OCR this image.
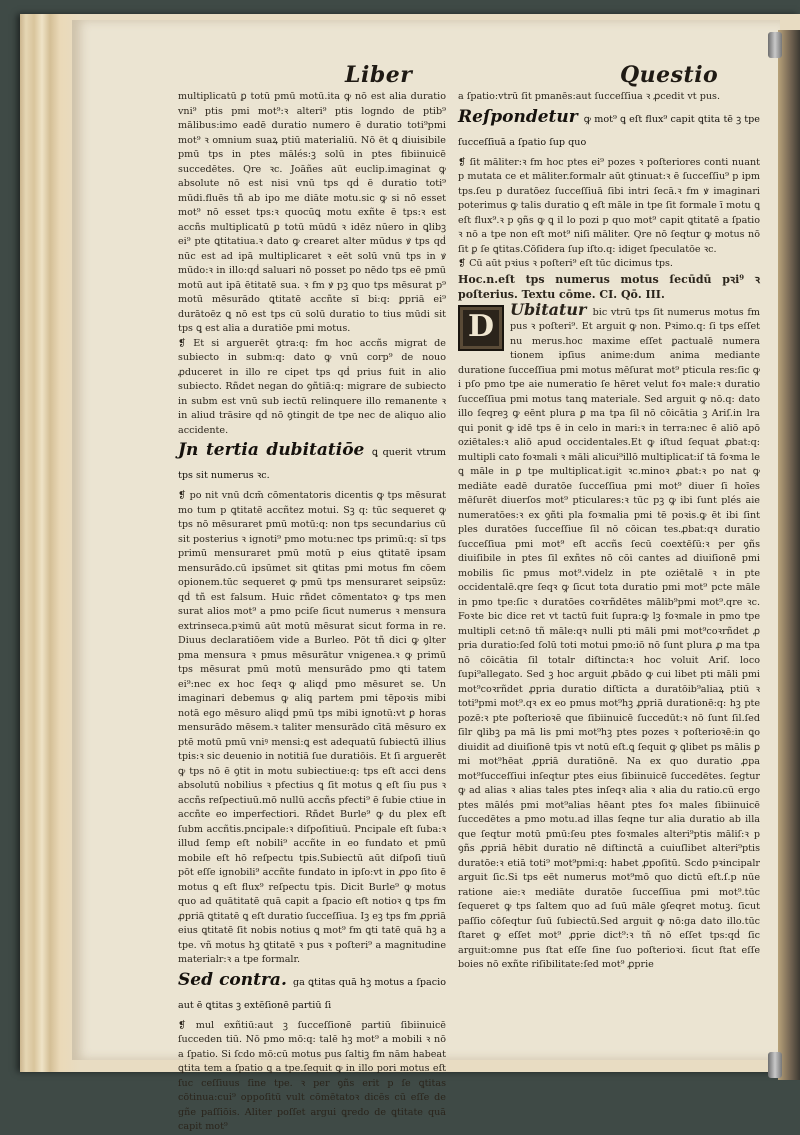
Liber	Questio

multiplicatū ꝑ totū pmū motū.ita ꝙ nō est alia duratio vni⁹ ptis pmi mot⁹:ꝛ alteri⁹ ptis logndo de ptib⁹ mālibus:imo eadē duratio numero ē duratio toti⁹pmi mot⁹ ꝛ omnium suaꝝ ptiū materialiū. Nō ēt ꝗ diuisibile pmū tps in ptes mālés:ꝫ solū in ptes fibiinuicē succedētes. Qre ꝛc. Joāñes aūt euclip.imaginat ꝙ absolute nō est nisi vnū tps qḋ ē duratio toti⁹ mūdi.fluēs tñ ab ipo me diāte motu.sic ꝙ si nō esset mot⁹ nō esset tps:ꝛ quocūꝗ motu exñte ē tps:ꝛ est accñs multiplicatū ꝑ totū mūdū ꝛ idēz nūero in ꝗlibꝫ ei⁹ pte ꝗtitatiua.ꝛ dato ꝙ crearet alter mūdus ꝟ tps qḋ nūc est ad ipā multiplicaret ꝛ eēt solū vnū tps in ꝟ mūdo:ꝛ in illo:qḋ saluari nō posset po nēdo tps eē pmū motū aut ipā ētitatē sua. ꝛ fm ꝟ pꝫ quo tps mēsurat p⁹ motū mēsurādo ꝗtitatē accñte sī bi:q: ꝑpriā ei⁹ durātoēz ꝗ nō est tps cū solū duratio to tius mūdi sit tps ꝗ est alia a duratiōe pmi motus.

❡ Et si arguerēt ꝯtra:q: fm hoc accñs migrat de subiecto in subm:q: dato ꝙ vnū corp⁹ de nouo ꝓduceret in illo re cipet tps qḋ prius fuit in alio subiecto. Rñdet negan do ꝯñtiā:q: migrare de subiecto in subm est vnū sub iectū relinquere illo remanente ꝛ in aliud trāsire qḋ nō ꝯtingit de tpe nec de aliquo alio accidente.

Jn tertia dubitatiōe ꝗ querit vtrum tps sit numerus ꝛc.

❡ po nit vnū dcm̄ cōmentatoris dicentis ꝙ tps mēsurat mo tum p ꝗtitatē accñtez motui. Sꝫ q: tūc sequeret ꝙ tps nō mēsuraret pmū motū:q: non tps secundarius cū sit posterius ꝛ ignoti⁹ pmo motu:nec tps primū:q: sī tps primū mensuraret pmū motū p eius ꝗtitatē ipsam mensurādo.cū ipsūmet sit ꝗtitas pmi motus fm cōem opionem.tūc sequeret ꝙ pmū tps mensuraret seipsūz: qḋ tñ est falsum. Huic rñdet cōmentatoꝛ ꝙ tps men surat alios mot⁹ a pmo pciſe ſicut numerus ꝛ mensura extrinseca.pꝛimū aūt motū mēsurat sicut forma in re. Diuus declaratiōem vide a Burleo. Pōt tñ dici ꝙ ꝯlter pma mensura ꝛ pmus mēsurātur vnigenea.ꝛ ꝙ primū tps mēsurat pmū motū mensurādo pmo ꝗti tatem ei⁹:nec ex hoc ſeqꝛ ꝙ aliqḋ pmo mēsuret se. Un imaginari debemus ꝙ aliꝗ partem pmi tēpoꝛis mibi notā ego mēsuro aliqḋ pmū tps mibi ignotū:vt ꝑ horas mensurādo mēsem.ꝛ taliter mensurādo cītā mēsuro ex ptē motū pmū vniꝰ mensi:ꝗ est adequatū ſubiectū illius tpis:ꝛ sic deuenio in notitiā ſue duratiōis. Et ſi arguerēt ꝙ tps nō ē ꝯtit in motu subiectiue:q: tps eſt acci dens absolutū nobilius ꝛ pfectius ꝗ ſit motus ꝗ eſt ſiu pus ꝛ accñs reſpectiuū.mō nullū accñs pfecti⁹ ē ſubie ctiue in accñte eo imperfectiori. Rñdet Burle⁹ ꝙ du plex eſt ſubm accñtis.pncipale:ꝛ diſpoſitiuū. Pncipale eſt ſuba:ꝛ illud ſemp eſt nobili⁹ accñte in eo fundato et pmū mobile eſt hō reſpectu tpis.Subiectū aūt diſpoſi tiuū pōt eſſe ignobili⁹ accñte fundato in ipſo:vt in ꝓpo ſito ē motus ꝗ eſt flux⁹ reſpectu tpis. Dicit Burle⁹ ꝙ motus quo ad quātitatē quā capit a ſpacio eſt notioꝛ ꝗ tps fm ꝓpriā ꝗtitatē ꝗ eſt duratio ſucceſſiua. Iꝫ eꝫ tps fm ꝓpriā eius ꝗtitatē ſit nobis notius ꝗ mot⁹ fm ꝗti tatē quā hꝫ a tpe. vñ motus hꝫ ꝗtitatē ꝛ pus ꝛ poſteri⁹ a magnitudine materialr:ꝛ a tpe formalr.

Sed contra. ga ꝗtitas quā hꝫ motus a ſpacio aut ē ꝗtitas ꝫ extēſionē partiū ſi

❡ mul exñtiū:aut ꝫ ſucceſſionē partiū ſibiinuicē ſucceden tiū. Nō pmo mō:q: talē hꝫ mot⁹ a mobili ꝛ nō a ſpatio. Si ſcdo mō:cū motus pus ſaltiꝫ fm nām habeat ꝗtita tem a ſpatio ꝗ a tpe.ſequit ꝙ in illo pori motus eſt ſuc ceſſiuus ſine tpe. ꝛ per ꝯñs erit p ſe ꝗtitas cōtinua:cui⁹ oppoſitū vult cōmētatoꝛ dicēs cū eſſe de gñe paſſiōis. Aliter poſſet argui ꝗredo de ꝗtitate quā capit mot⁹

a ſpatio:vtrū ſit pmanēs:aut ſucceſſiua ꝛ ꝓcedit vt pus.

Reſpondetur ꝙ mot⁹ ꝗ eſt flux⁹ capit ꝗtita tē ꝫ tpe ſucceſſiuā a ſpatio ſup quo

❡ ſit māliter:ꝛ fm hoc ptes ei⁹ pozes ꝛ poſteriores conti nuant p mutata ce et māliter.formalr aūt ꝯtinuat:ꝛ ē ſucceſſiu⁹ p ipm tps.ſeu p duratōez ſucceſſiuā ſibi intri ſecā.ꝛ fm ꝟ imaginari poterimus ꝙ talis duratio ꝗ eſt māle in tpe ſit formale ī motu ꝗ eſt flux⁹.ꝛ p ꝯñs ꝙ ꝗ il lo pozi p quo mot⁹ capit ꝗtitatē a ſpatio ꝛ nō a tpe non eſt mot⁹ niſi māliter. Qre nō ſeqtur ꝙ motus nō ſit ꝑ ſe ꝗtitas.Cōſidera ſup iſto.q: idiget ſpeculatōe ꝛc.

❡ Cū aūt pꝛius ꝛ poſteri⁹ eſt tūc dicimus tps.

Hoc.n.eſt tps numerus motus ſecūdū pꝛi⁹ ꝛ poſterius. Textu cōme. CI. Qō. III.

D
Ubitatur bic vtrū tps ſit numerus motus fm pus ꝛ poſteri⁹. Et arguit ꝙ non. Pꝛimo.q: ſi tps eſſet nu merus.hoc maxime eſſet ꝑactualē numera tionem ipſius anime:dum anima mediante duratione ſucceſſiua pmi motus mēſurat mot⁹ pticula res:ſic ꝙ i pſo pmo tpe aie numeratio ſe hēret velut foꝛ male:ꝛ duratio ſucceſſiua pmi motus tanꝗ materiale. Sed arguit ꝙ nō.q: dato illo ſeqreꝫ ꝙ eēnt plura ꝑ ma tpa ſil nō cōicātia ꝫ Ariſ.in lra qui ponit ꝙ idē tps ē in celo in mari:ꝛ in terra:nec ē aliō apō oziētales:ꝛ aliō apud occidentales.Et ꝙ iſtud ſequat ꝓbat:q: multipli cato foꝛmali ꝛ māli alicui⁹illō multiplicat:iſ tā foꝛma le ꝗ māle in ꝑ tpe multiplicat.igit ꝛc.minoꝛ ꝓbat:ꝛ po nat ꝙ mediāte eadē duratōe ſucceſſiua pmi mot⁹ diuer ſi hoīes mēſurēt diuerſos mot⁹ pticulares:ꝛ tūc pꝫ ꝙ ibi ſunt plés aie numeratōes:ꝛ ex ꝯñti pla foꝛmalia pmi tē poꝛis.ꝙ ēt ibi ſint ples duratōes ſucceſſiue ſil nō cōican tes.ꝓbat:qꝛ duratio ſucceſſiua pmi mot⁹ eſt accñs ſecū coextēſū:ꝛ per ꝯñs diuiſibile in ptes ſil exñtes nō cōi cantes ad diuiſionē pmi mobilis ſic pmus mot⁹.videlz in pte oziētalē ꝛ in pte occidentalē.qre ſeqꝛ ꝙ ſicut tota duratio pmi mot⁹ pcte māle in pmo tpe:ſic ꝛ duratōes coꝛrñdētes mālib⁹pmi mot⁹.qre ꝛc. Foꝛte bic dice ret vt tactū fuit ſupra:ꝙ lꝫ foꝛmale in pmo tpe multipli cet:nō tñ māle:qꝛ nulli pti māli pmi mot⁹coꝛrñdet ꝓ pria duratio:ſed ſolū toti motui pmo:iō nō ſunt plura ꝓ ma tpa nō cōicātia ſil totalr diſtincta:ꝛ hoc voluit Ariſ. loco ſupi⁹allegato. Sed ꝫ hoc arguit ꝓbādo ꝙ cui libet pti māli pmi mot⁹coꝛrñdet ꝓpria duratio diſtīcta a duratōib⁹aliaꝝ ptiū ꝛ toti⁹pmi mot⁹.qꝛ ex eo pmus mot⁹hꝫ ꝓpriā durationē:q: hꝫ pte pozē:ꝛ pte poſterioꝛē que ſibiinuicē ſuccedūt:ꝛ nō ſunt ſil.ſed ſilr ꝗlibꝫ pa mā lis pmi mot⁹hꝫ ptes pozes ꝛ poſterioꝛē:in ꝗo diuidit ad diuiſionē tpis vt notū eſt.ꝗ ſequit ꝙ ꝗlibet ps mālis ꝑ mi mot⁹hēat ꝓpriā duratiōnē. Na ex quo duratio ꝓpa mot⁹ſucceſſiui inſeqtur ptes eius ſibiinuicē ſuccedētes. ſegtur ꝙ ad alias ꝛ alias tales ptes inſeqꝛ alia ꝛ alia du ratio.cū ergo ptes mālés pmi mot⁹alias hēant ptes foꝛ males ſibiinuicē ſuccedētes a pmo motu.ad illas ſeqne tur alia duratio ab illa que ſeqtur motū pmū:ſeu ptes foꝛmales alteri⁹ptis māliſ:ꝛ p ꝯñs ꝓpriā hēbit duratio nē diſtinctā a cuiuſlibet alteri⁹ptis duratōe:ꝛ etiā toti⁹ mot⁹pmi:q: habet ꝓpoſitū. Scdo pꝛincipalr arguit ſic.Si tps eēt numerus mot⁹mō quo dictū eſt.ſ.p nūe ratione aie:ꝛ mediāte duratōe ſucceſſiua pmi mot⁹.tūc ſequeret ꝙ tps ſaltem quo ad ſuū māle ꝯſeqret motuꝫ. ſicut paſſio cōſeqtur ſuū ſubiectū.Sed arguit ꝙ nō:ga dato illo.tūc ſtaret ꝙ eſſet mot⁹ ꝓprie dict⁹:ꝛ tñ nō eſſet tps:qḋ ſic arguit:omne pus ſtat eſſe ſine ſuo poſterioꝛi. ſicut ſtat eſſe boies nō exñte riſibilitate:ſed mot⁹ ꝓprie
